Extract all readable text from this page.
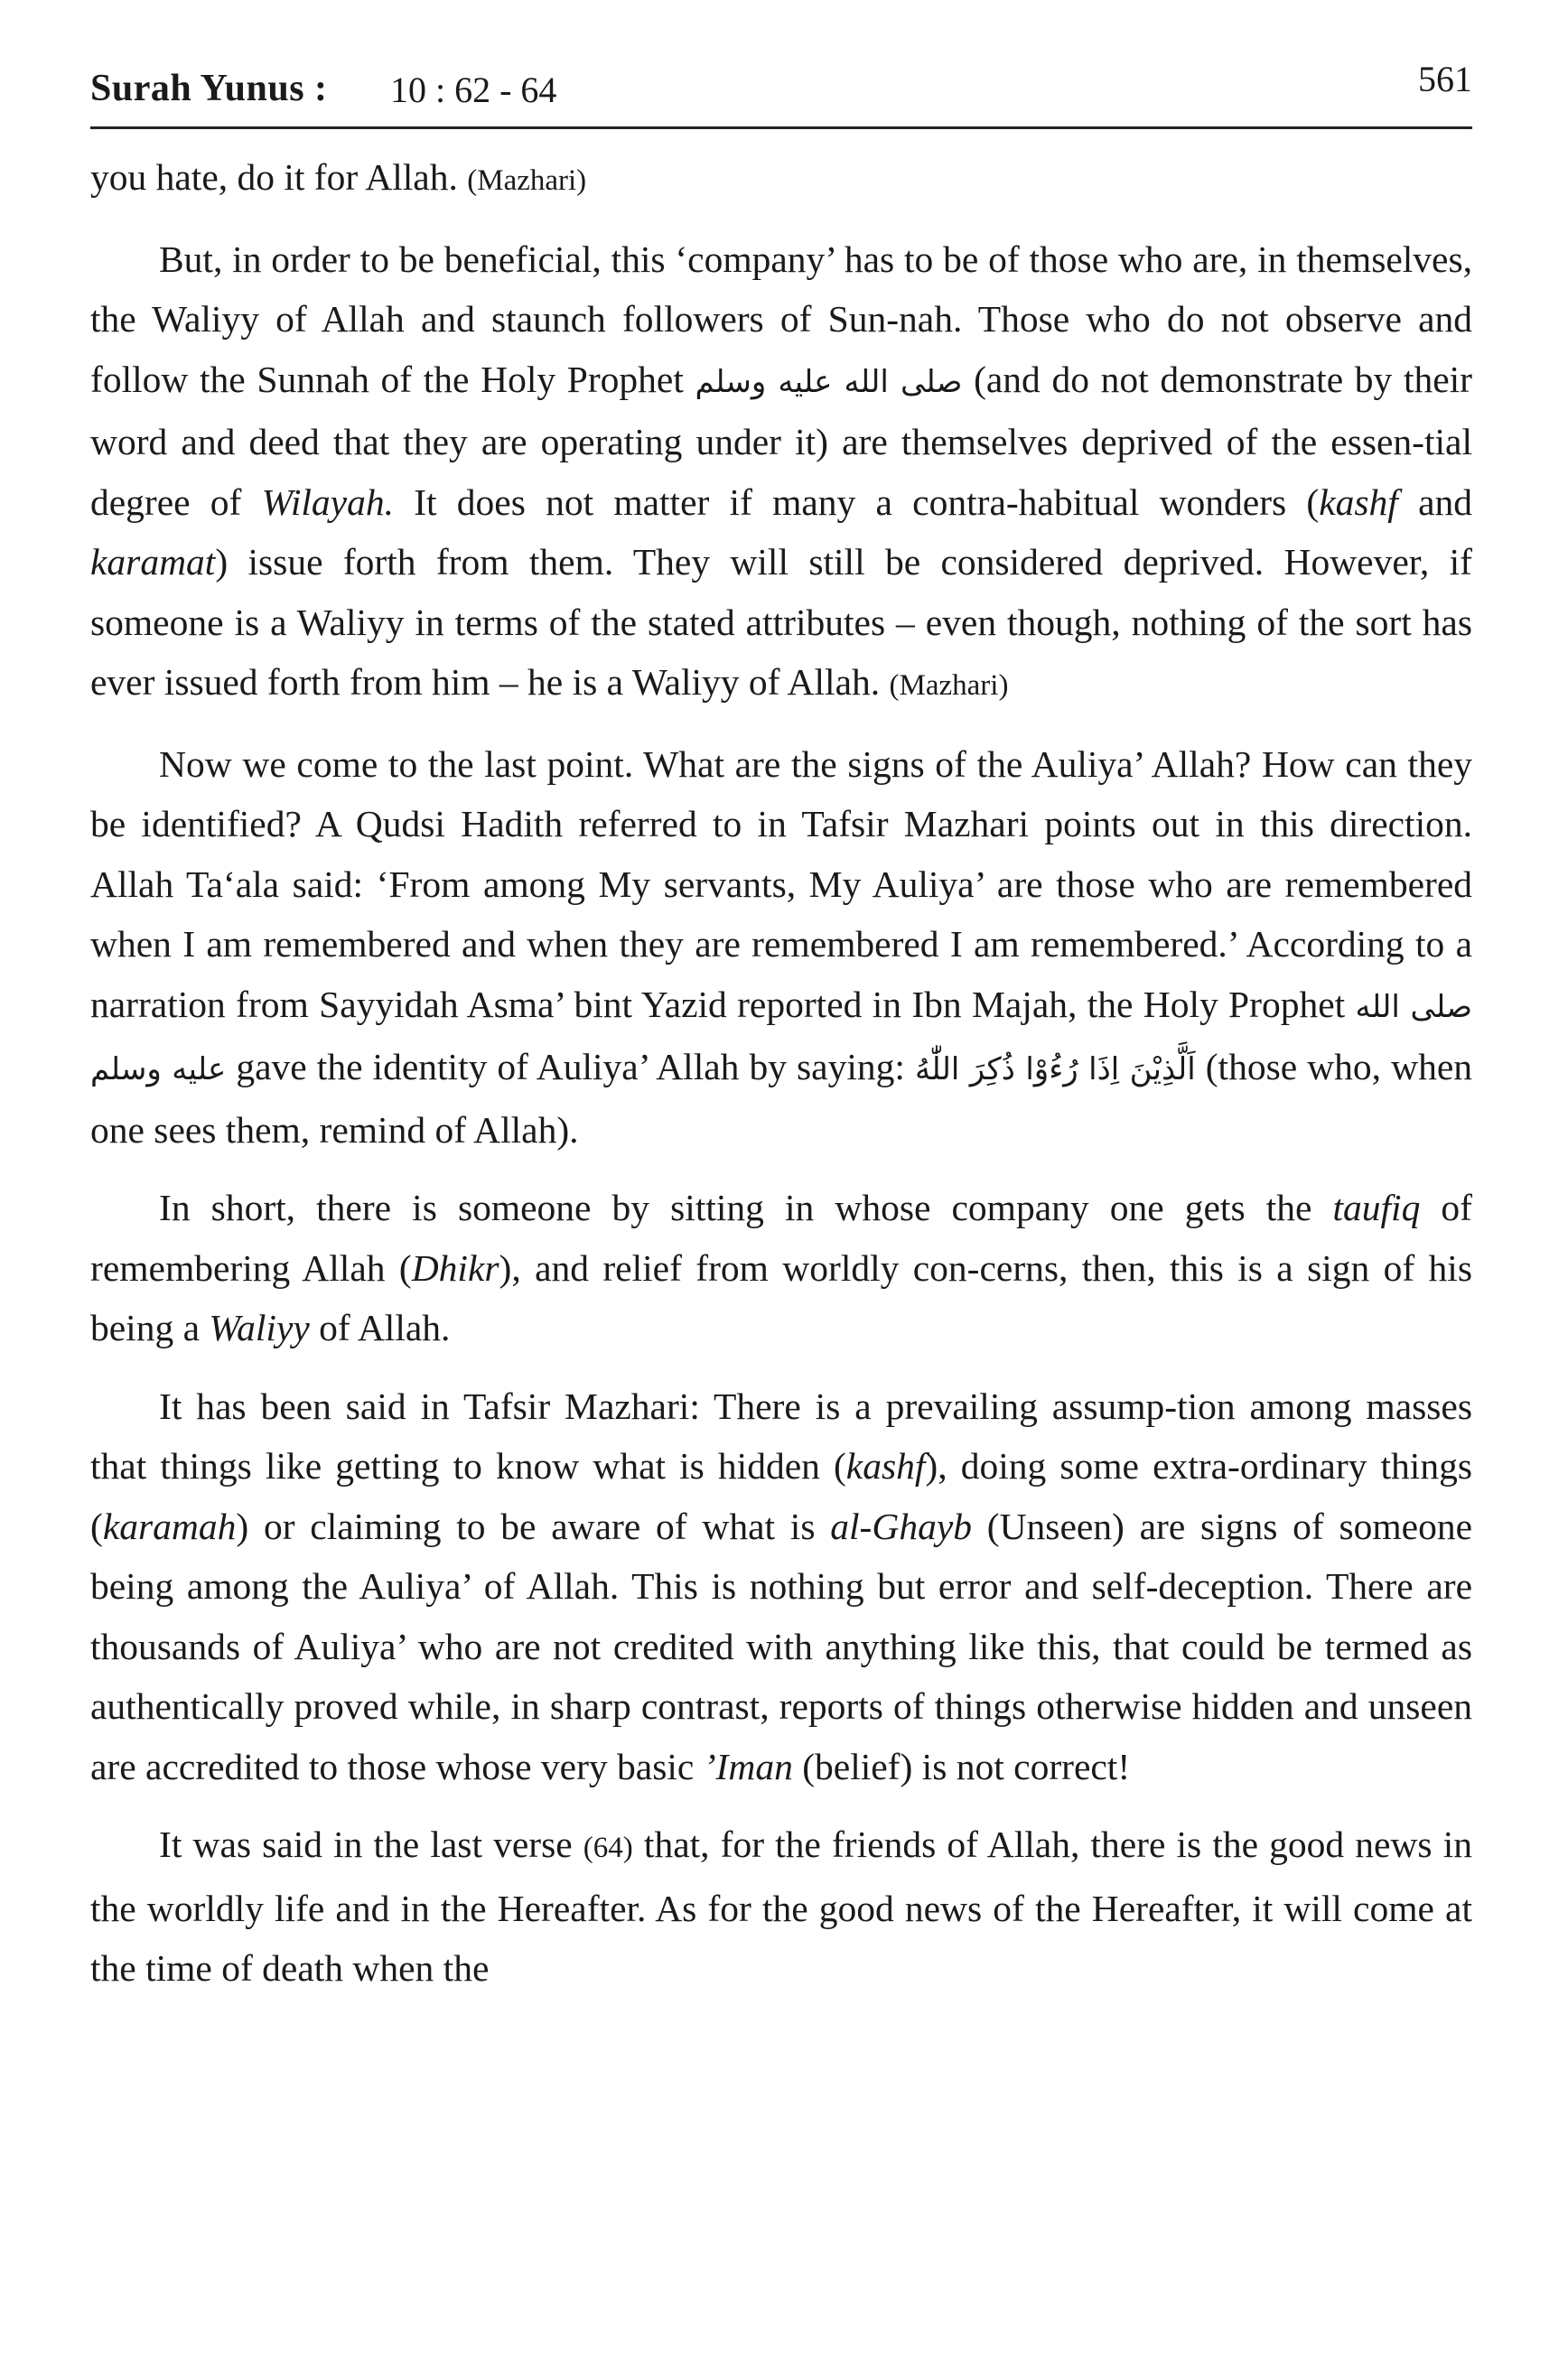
Surah Yunus : 10 : 62 - 64	561

you hate, do it for Allah. (Mazhari)

But, in order to be beneficial, this ‘company’ has to be of those who are, in themselves, the Waliyy of Allah and staunch followers of Sun-nah. Those who do not observe and follow the Sunnah of the Holy Prophet صلى الله عليه وسلم (and do not demonstrate by their word and deed that they are operating under it) are themselves deprived of the essen-tial degree of Wilayah. It does not matter if many a contra-habitual wonders (kashf and karamat) issue forth from them. They will still be considered deprived. However, if someone is a Waliyy in terms of the stated attributes – even though, nothing of the sort has ever issued forth from him – he is a Waliyy of Allah. (Mazhari)

Now we come to the last point. What are the signs of the Auliya’ Allah? How can they be identified? A Qudsi Hadith referred to in Tafsir Mazhari points out in this direction. Allah Ta‘ala said: ‘From among My servants, My Auliya’ are those who are remembered when I am remembered and when they are remembered I am remembered.’ According to a narration from Sayyidah Asma’ bint Yazid reported in Ibn Majah, the Holy Prophet صلى الله عليه وسلم gave the identity of Auliya’ Allah by saying: اَلَّذِيْنَ اِذَا رُءُوْا ذُكِرَ اللّٰهُ (those who, when one sees them, remind of Allah).

In short, there is someone by sitting in whose company one gets the taufiq of remembering Allah (Dhikr), and relief from worldly con-cerns, then, this is a sign of his being a Waliyy of Allah.

It has been said in Tafsir Mazhari: There is a prevailing assump-tion among masses that things like getting to know what is hidden (kashf), doing some extra-ordinary things (karamah) or claiming to be aware of what is al-Ghayb (Unseen) are signs of someone being among the Auliya’ of Allah. This is nothing but error and self-deception. There are thousands of Auliya’ who are not credited with anything like this, that could be termed as authentically proved while, in sharp contrast, reports of things otherwise hidden and unseen are accredited to those whose very basic ’Iman (belief) is not correct!

It was said in the last verse (64) that, for the friends of Allah, there is the good news in the worldly life and in the Hereafter. As for the good news of the Hereafter, it will come at the time of death when the
